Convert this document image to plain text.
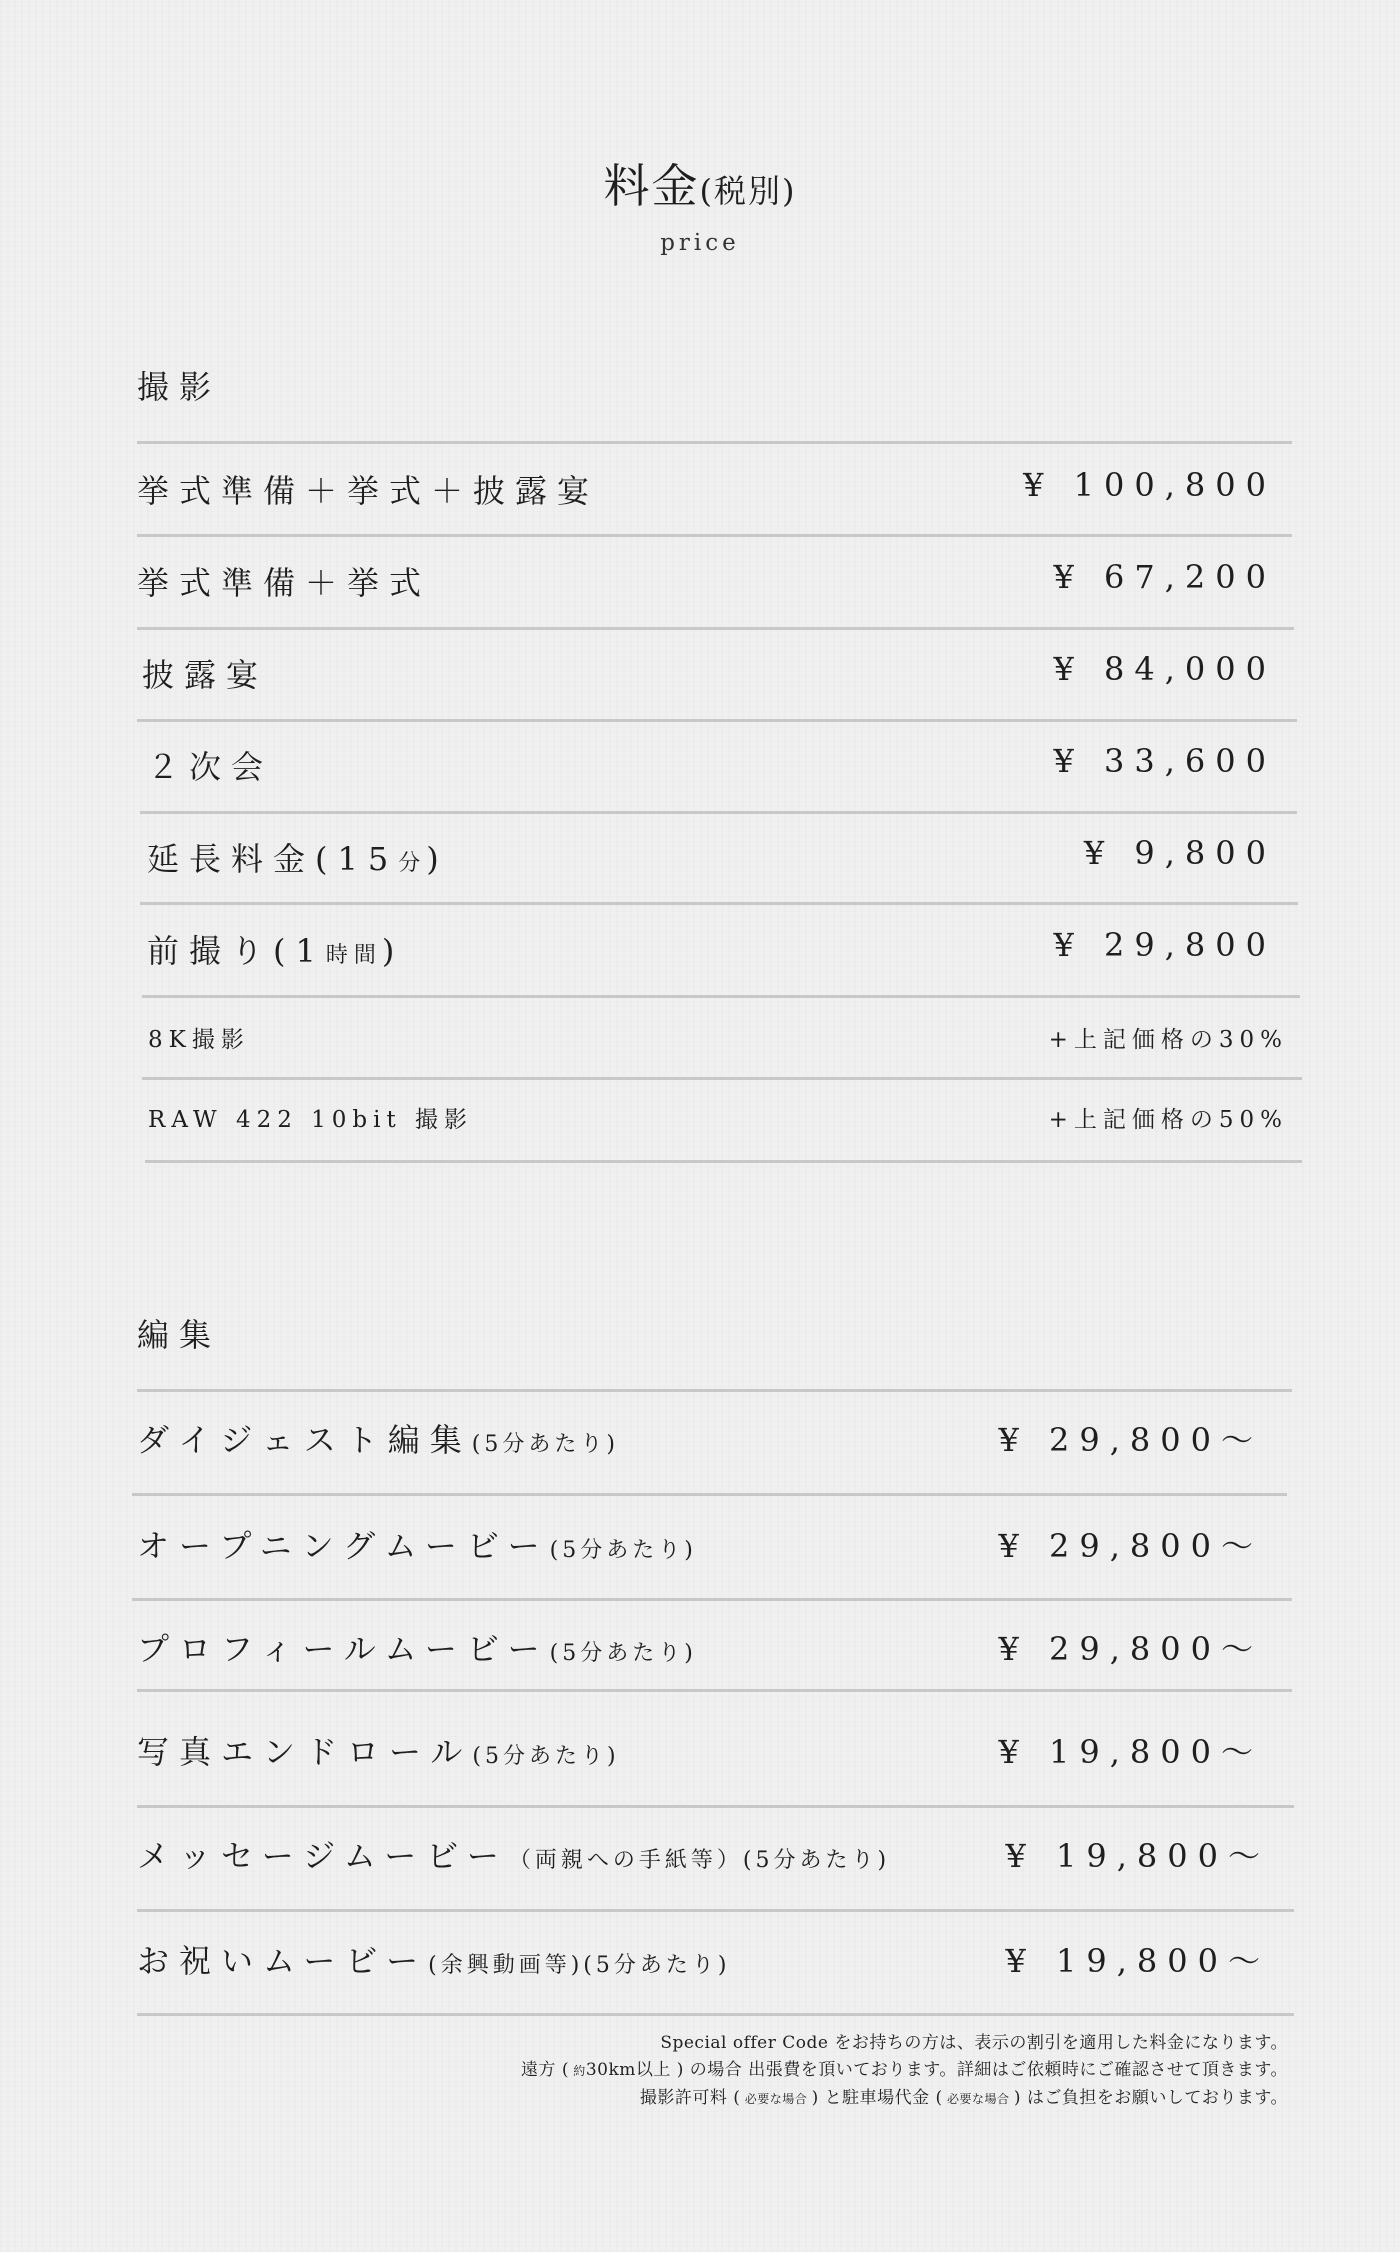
料金(税別)
price
撮影
挙式準備＋挙式＋披露宴	¥ 100,800
挙式準備＋挙式	¥ 67,200
披露宴	¥ 84,000
２次会	¥ 33,600
延長料金(15分)	¥ 9,800
前撮り(1時間)	¥ 29,800
8K撮影	+上記価格の30%
RAW 422 10bit 撮影	+上記価格の50%
編集
ダイジェスト編集(5分あたり)	¥ 29,800〜
オープニングムービー(5分あたり)	¥ 29,800〜
プロフィールムービー(5分あたり)	¥ 29,800〜
写真エンドロール(5分あたり)	¥ 19,800〜
メッセージムービー（両親への手紙等）(5分あたり)	¥ 19,800〜
お祝いムービー(余興動画等)(5分あたり)	¥ 19,800〜
Special offer Code をお持ちの方は、表示の割引を適用した料金になります。
遠方 ( 約30km以上 ) の場合 出張費を頂いております。詳細はご依頼時にご確認させて頂きます。
撮影許可料 ( 必要な場合 ) と駐車場代金 ( 必要な場合 ) はご負担をお願いしております。
